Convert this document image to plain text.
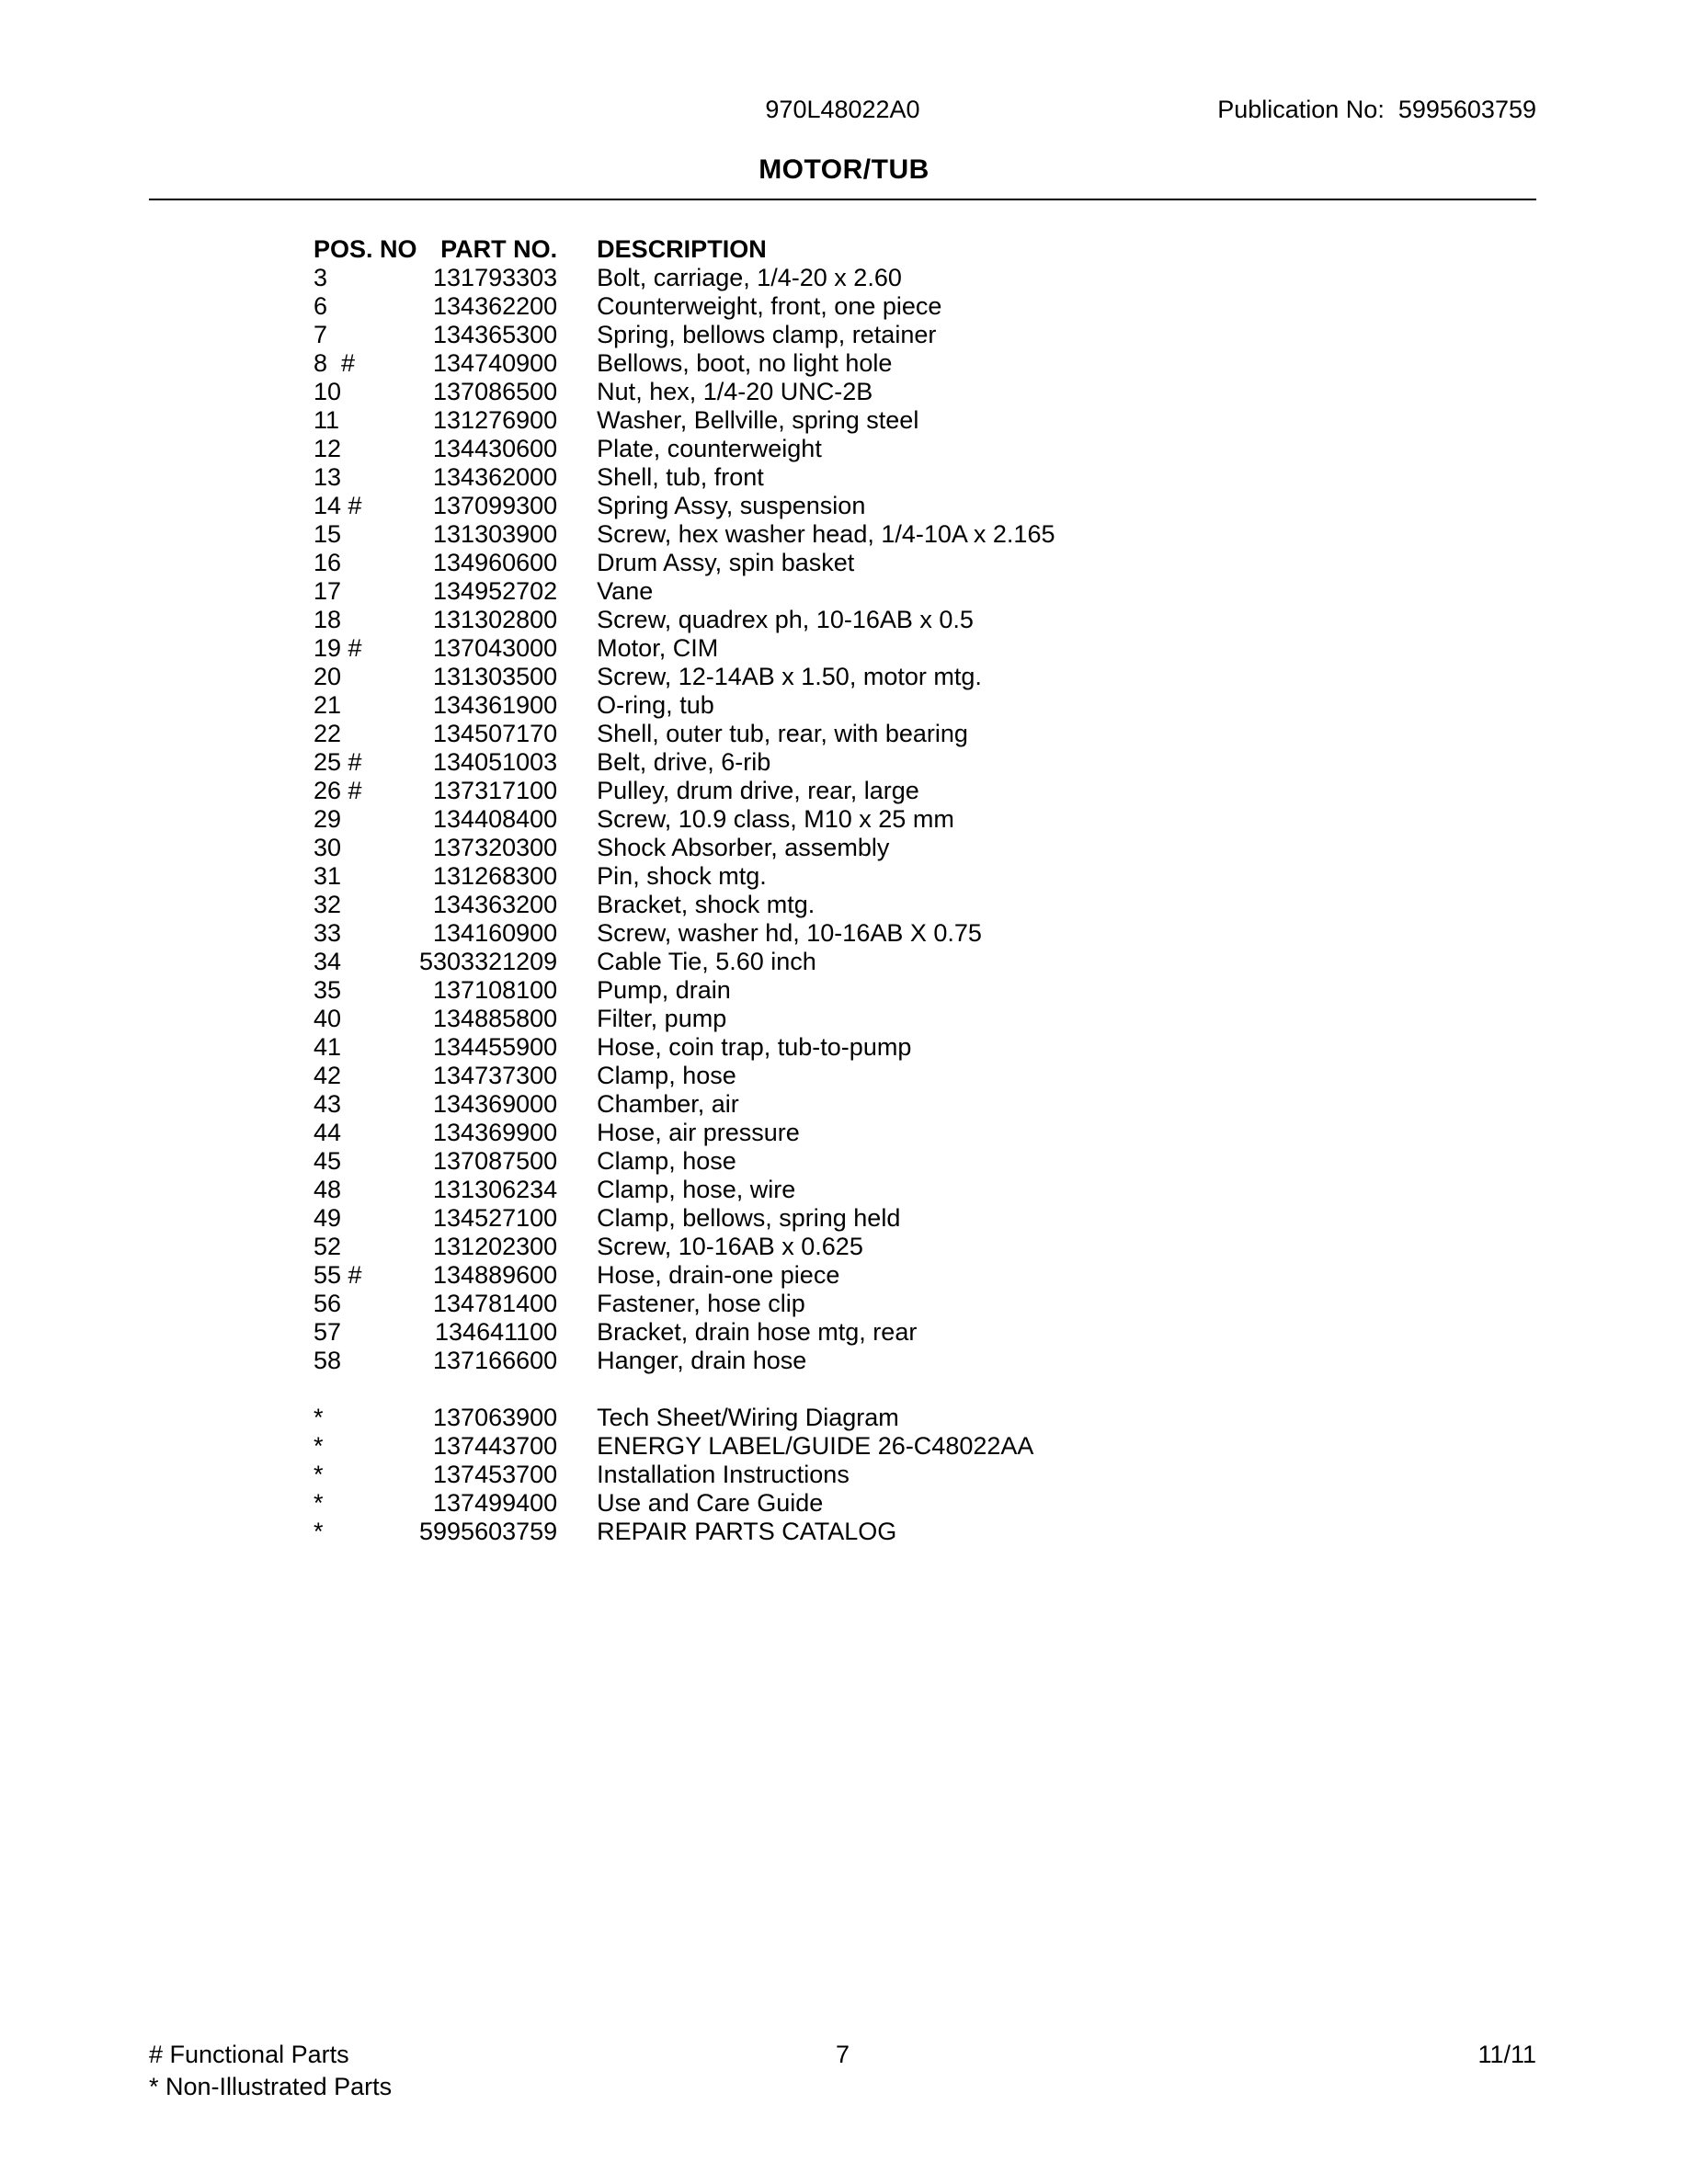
970L48022A0	Publication No:  5995603759
MOTOR/TUB
POS. NO	PART NO.	DESCRIPTION
3	131793303	Bolt, carriage, 1/4-20 x 2.60
6	134362200	Counterweight, front, one piece
7	134365300	Spring, bellows clamp, retainer
8  #	134740900	Bellows, boot, no light hole
10	137086500	Nut, hex, 1/4-20 UNC-2B
11	131276900	Washer, Bellville, spring steel
12	134430600	Plate, counterweight
13	134362000	Shell, tub, front
14 #	137099300	Spring Assy, suspension
15	131303900	Screw, hex washer head, 1/4-10A x 2.165
16	134960600	Drum Assy, spin basket
17	134952702	Vane
18	131302800	Screw, quadrex ph, 10-16AB x 0.5
19 #	137043000	Motor, CIM
20	131303500	Screw, 12-14AB x 1.50, motor mtg.
21	134361900	O-ring, tub
22	134507170	Shell, outer tub, rear, with bearing
25 #	134051003	Belt, drive, 6-rib
26 #	137317100	Pulley, drum drive, rear, large
29	134408400	Screw, 10.9 class, M10 x 25 mm
30	137320300	Shock Absorber, assembly
31	131268300	Pin, shock mtg.
32	134363200	Bracket, shock mtg.
33	134160900	Screw, washer hd, 10-16AB X 0.75
34	5303321209	Cable Tie, 5.60 inch
35	137108100	Pump, drain
40	134885800	Filter, pump
41	134455900	Hose, coin trap, tub-to-pump
42	134737300	Clamp, hose
43	134369000	Chamber, air
44	134369900	Hose, air pressure
45	137087500	Clamp, hose
48	131306234	Clamp, hose, wire
49	134527100	Clamp, bellows, spring held
52	131202300	Screw, 10-16AB x 0.625
55 #	134889600	Hose, drain-one piece
56	134781400	Fastener, hose clip
57	134641100	Bracket, drain hose mtg, rear
58	137166600	Hanger, drain hose

*	137063900	Tech Sheet/Wiring Diagram
*	137443700	ENERGY LABEL/GUIDE 26-C48022AA
*	137453700	Installation Instructions
*	137499400	Use and Care Guide
*	5995603759	REPAIR PARTS CATALOG
# Functional Parts	7	11/11
* Non-Illustrated Parts
